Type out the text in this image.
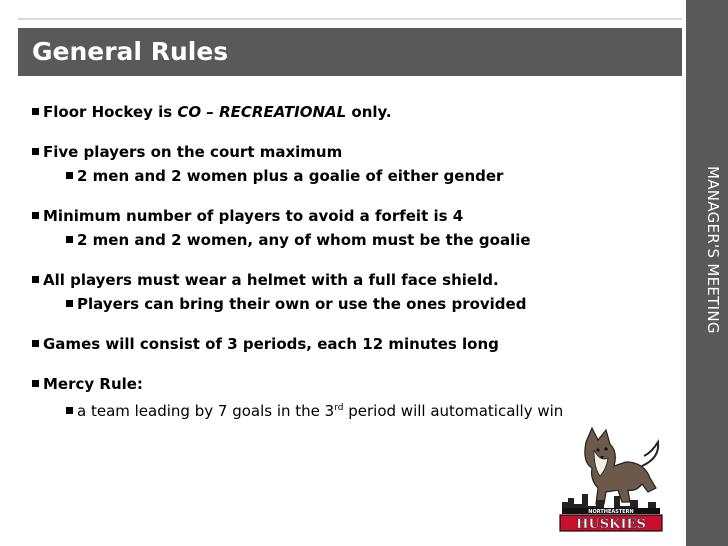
General Rules
MANAGER'S MEETING
Floor Hockey is CO – RECREATIONAL only.
Five players on the court maximum
2 men and 2 women plus a goalie of either gender
Minimum number of players to avoid a forfeit is 4
2 men and 2 women, any of whom must be the goalie
All players must wear a helmet with a full face shield.
Players can bring their own or use the ones provided
Games will consist of 3 periods, each 12 minutes long
Mercy Rule:
a team leading by 7 goals in the 3rd period will automatically win
NORTHEASTERN
HUSKIES
